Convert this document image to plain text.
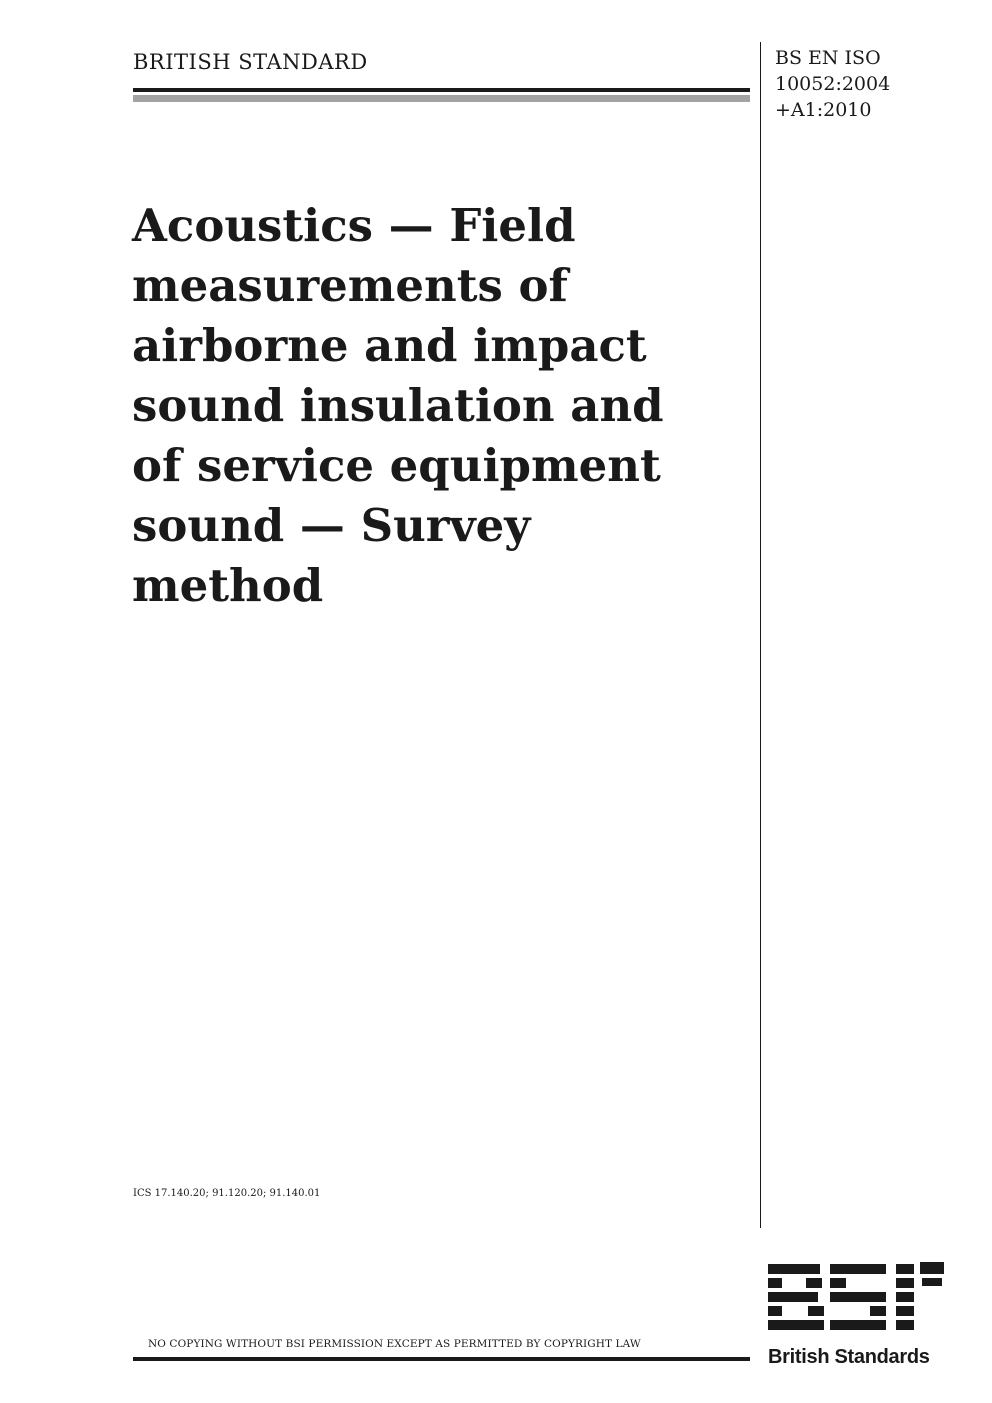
BRITISH STANDARD	BS EN ISO
10052:2004
+A1:2010
Acoustics — Field
measurements of
airborne and impact
sound insulation and
of service equipment
sound — Survey
method
ICS 17.140.20; 91.120.20; 91.140.01
NO COPYING WITHOUT BSI PERMISSION EXCEPT AS PERMITTED BY COPYRIGHT LAW
British Standards
